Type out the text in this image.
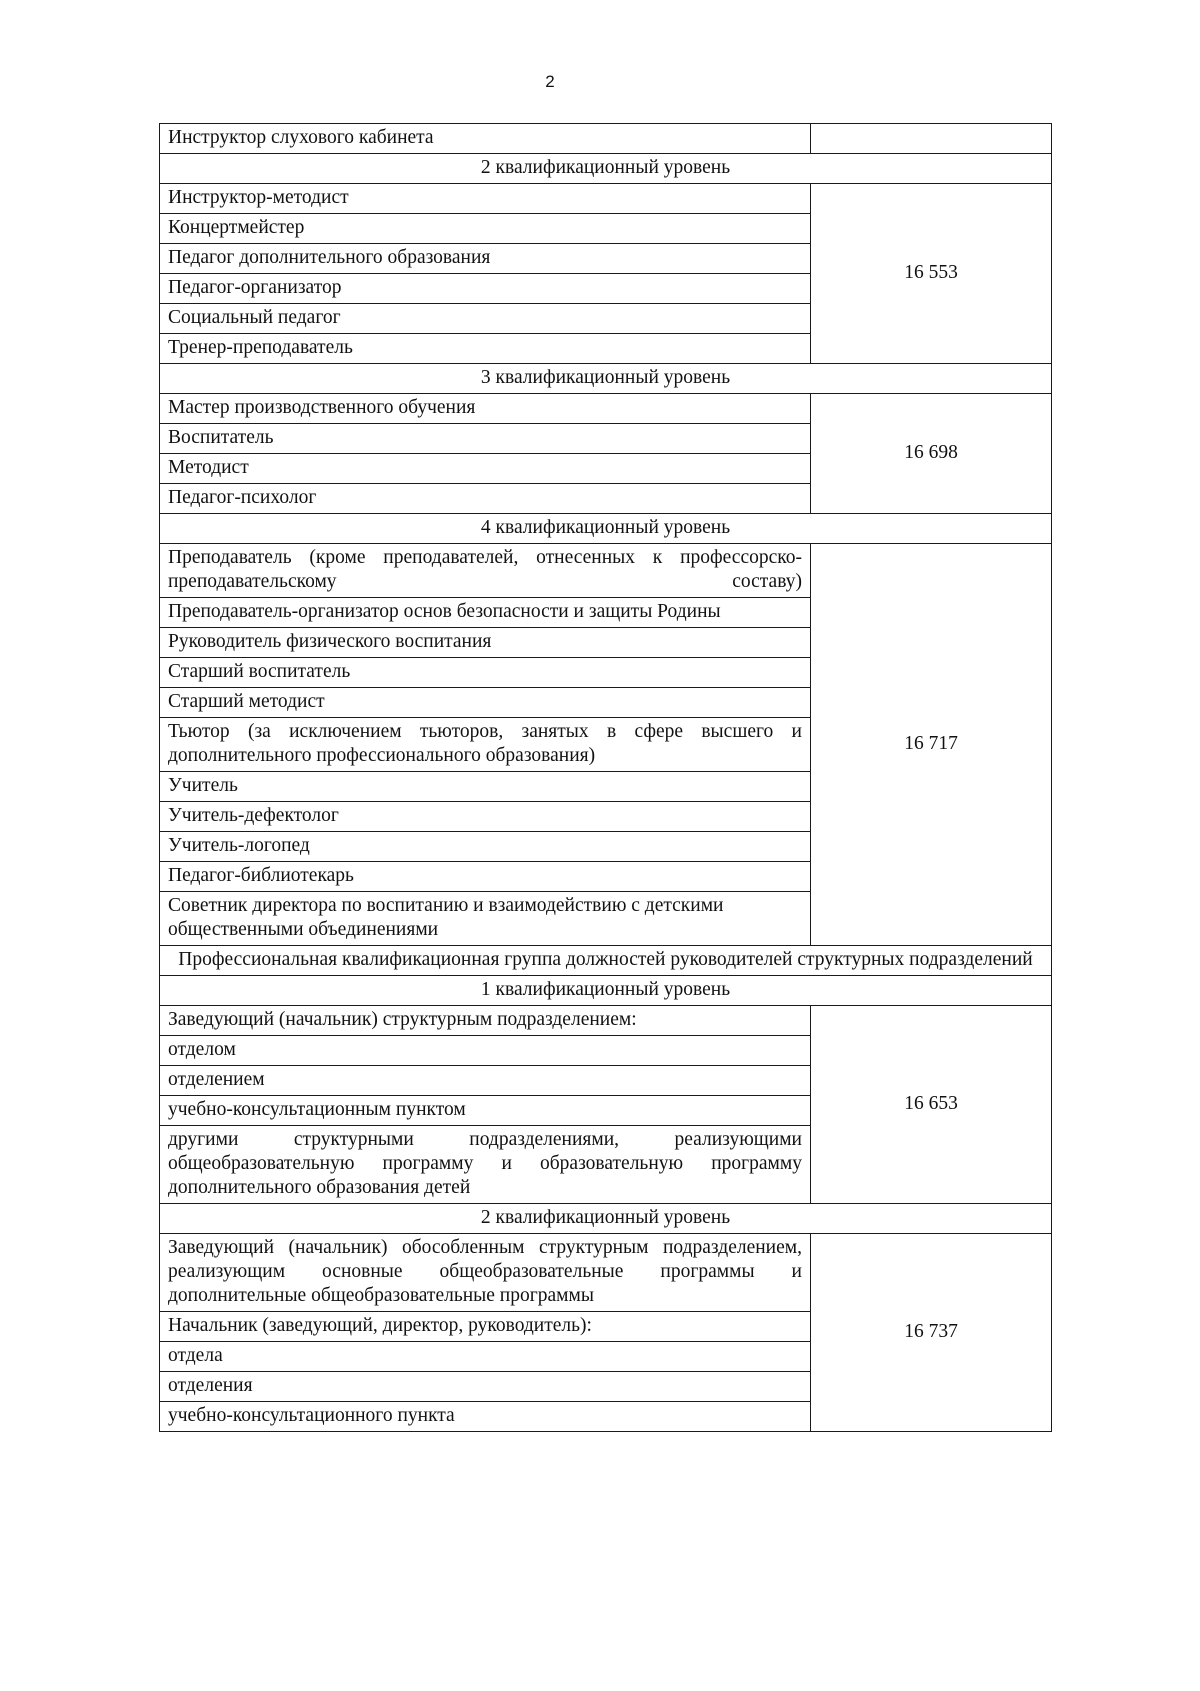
2
Инструктор слухового кабинета	
2 квалификационный уровень	
Инструктор-методист	16 553
Концертмейстер	
Педагог дополнительного образования	
Педагог-организатор	
Социальный педагог	
Тренер-преподаватель	
3 квалификационный уровень	
Мастер производственного обучения	16 698
Воспитатель	
Методист	
Педагог-психолог	
4 квалификационный уровень	
Преподаватель (кроме преподавателей, отнесенных к профессорско-преподавательскому составу)	16 717
Преподаватель-организатор основ безопасности и защиты Родины	
Руководитель физического воспитания	
Старший воспитатель	
Старший методист	
Тьютор (за исключением тьюторов, занятых в сфере высшего и дополнительного профессионального образования)	
Учитель	
Учитель-дефектолог	
Учитель-логопед	
Педагог-библиотекарь	
Советник директора по воспитанию и взаимодействию с детскими общественными объединениями	
Профессиональная квалификационная группа должностей руководителей структурных подразделений	
1 квалификационный уровень	
Заведующий (начальник) структурным подразделением:	16 653
отделом	
отделением	
учебно-консультационным пунктом	
другими структурными подразделениями, реализующими общеобразовательную программу и образовательную программу дополнительного образования детей	
2 квалификационный уровень	
Заведующий (начальник) обособленным структурным подразделением, реализующим основные общеобразовательные программы и дополнительные общеобразовательные программы	16 737
Начальник (заведующий, директор, руководитель):	
отдела	
отделения	
учебно-консультационного пункта	
